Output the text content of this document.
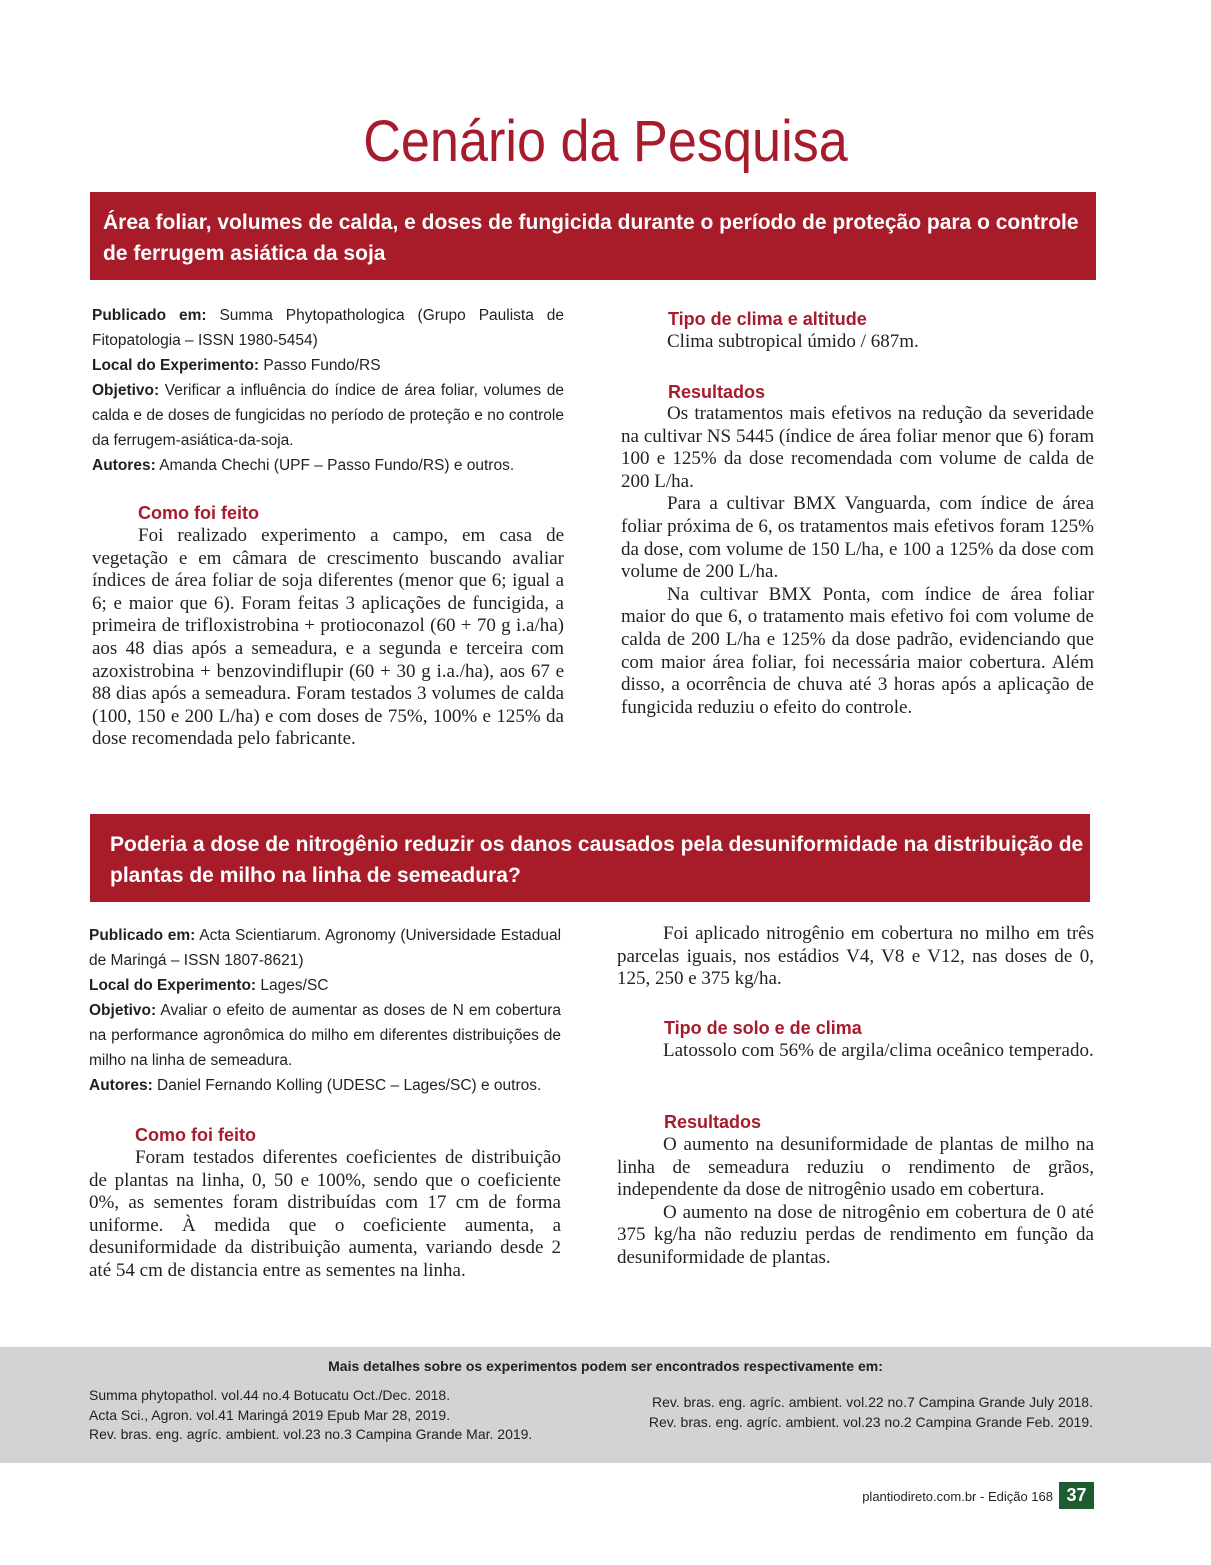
Cenário da Pesquisa
Área foliar, volumes de calda, e doses de fungicida durante o período de proteção para o controle
de ferrugem asiática da soja

Publicado em: Summa Phytopathologica (Grupo Paulista de Fitopatologia – ISSN 1980-5454)

Local do Experimento: Passo Fundo/RS

Objetivo: Verificar a influência do índice de área foliar, volumes de calda e de doses de fungicidas no período de proteção e no controle da ferrugem-asiática-da-soja.

Autores: Amanda Chechi (UPF – Passo Fundo/RS) e outros.

Como foi feito

Foi realizado experimento a campo, em casa de vegetação e em câmara de crescimento buscando avaliar índices de área foliar de soja diferentes (menor que 6; igual a 6; e maior que 6). Foram feitas 3 aplicações de funcigida, a primeira de trifloxistrobina + protioconazol (60 + 70 g i.a/ha) aos 48 dias após a semeadura, e a segunda e terceira com azoxistrobina + benzovindiflupir (60 + 30 g i.a./ha), aos 67 e 88 dias após a semeadura. Foram testados 3 volumes de calda (100, 150 e 200 L/ha) e com doses de 75%, 100% e 125% da dose recomendada pelo fabricante.

Tipo de clima e altitude

Clima subtropical úmido / 687m.

Resultados

Os tratamentos mais efetivos na redução da severidade na cultivar NS 5445 (índice de área foliar menor que 6) foram 100 e 125% da dose recomendada com volume de calda de 200 L/ha.

Para a cultivar BMX Vanguarda, com índice de área foliar próxima de 6, os tratamentos mais efetivos foram 125% da dose, com volume de 150 L/ha, e 100 a 125% da dose com volume de 200 L/ha.

Na cultivar BMX Ponta, com índice de área foliar maior do que 6, o tratamento mais efetivo foi com volume de calda de 200 L/ha e 125% da dose padrão, evidenciando que com maior área foliar, foi necessária maior cobertura. Além disso, a ocorrência de chuva até 3 horas após a aplicação de fungicida reduziu o efeito do controle.

Poderia a dose de nitrogênio reduzir os danos causados pela desuniformidade na distribuição de
plantas de milho na linha de semeadura?

Publicado em: Acta Scientiarum. Agronomy (Universidade Estadual de Maringá – ISSN 1807-8621)

Local do Experimento: Lages/SC

Objetivo: Avaliar o efeito de aumentar as doses de N em cobertura na performance agronômica do milho em diferentes distribuições de milho na linha de semeadura.

Autores: Daniel Fernando Kolling (UDESC – Lages/SC) e outros.

Como foi feito

Foram testados diferentes coeficientes de distribuição de plantas na linha, 0, 50 e 100%, sendo que o coeficiente 0%, as sementes foram distribuídas com 17 cm de forma uniforme. À medida que o coeficiente aumenta, a desuniformidade da distribuição aumenta, variando desde 2 até 54 cm de distancia entre as sementes na linha.

Foi aplicado nitrogênio em cobertura no milho em três parcelas iguais, nos estádios V4, V8 e V12, nas doses de 0, 125, 250 e 375 kg/ha.

Tipo de solo e de clima

Latossolo com 56% de argila/clima oceânico temperado.

Resultados

O aumento na desuniformidade de plantas de milho na linha de semeadura reduziu o rendimento de grãos, independente da dose de nitrogênio usado em cobertura.

O aumento na dose de nitrogênio em cobertura de 0 até 375 kg/ha não reduziu perdas de rendimento em função da desuniformidade de plantas.

Mais detalhes sobre os experimentos podem ser encontrados respectivamente em:
Summa phytopathol. vol.44 no.4 Botucatu Oct./Dec. 2018.
Acta Sci., Agron. vol.41 Maringá 2019 Epub Mar 28, 2019.
Rev. bras. eng. agríc. ambient. vol.23 no.3 Campina Grande Mar. 2019.
Rev. bras. eng. agríc. ambient. vol.22 no.7 Campina Grande July 2018.
Rev. bras. eng. agríc. ambient. vol.23 no.2 Campina Grande Feb. 2019.
plantiodireto.com.br - Edição 168 37
